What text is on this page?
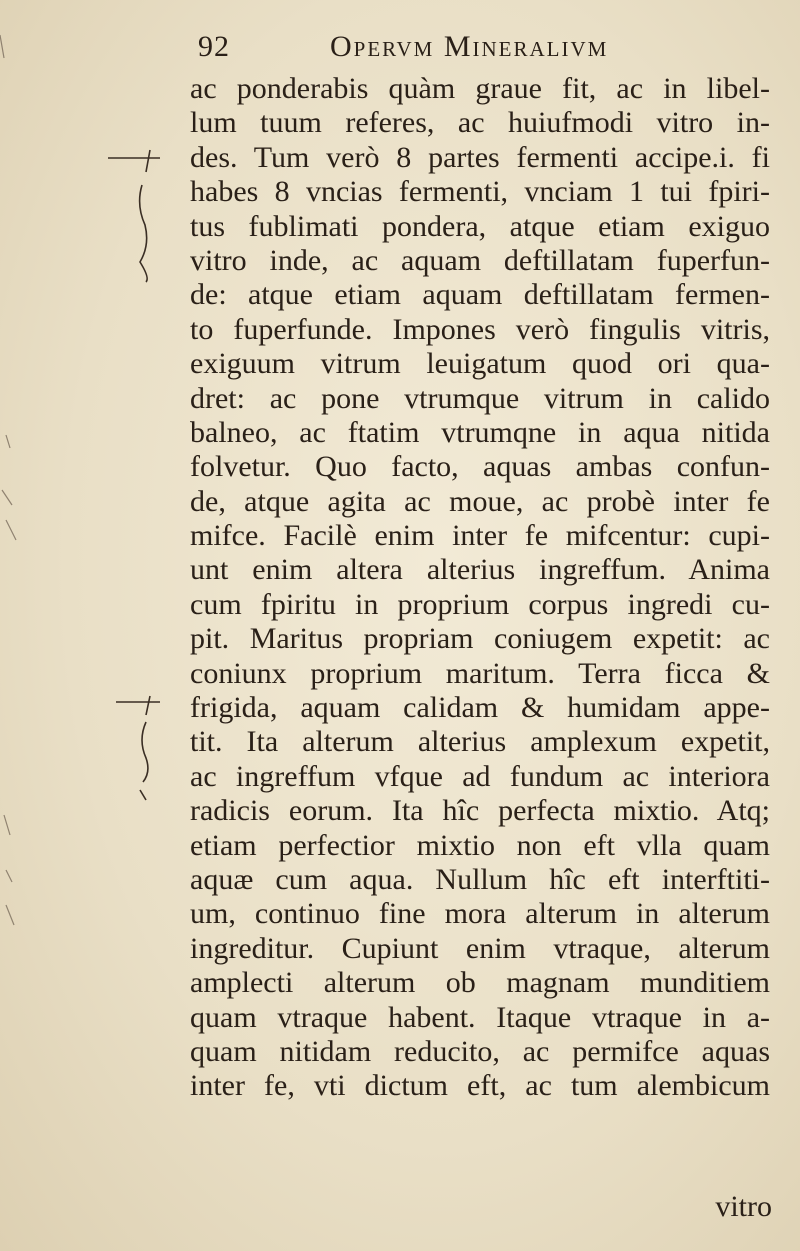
92	Opervm Mineralivm
ac ponderabis quàm graue fit, ac in libel-
lum tuum referes, ac huiufmodi vitro in-
des. Tum verò 8 partes fermenti accipe.i. fi
habes 8 vncias fermenti, vnciam 1 tui fpiri-
tus fublimati pondera, atque etiam exiguo
vitro inde, ac aquam deftillatam fuperfun-
de: atque etiam aquam deftillatam fermen-
to fuperfunde. Impones verò fingulis vitris,
exiguum vitrum leuigatum quod ori qua-
dret: ac pone vtrumque vitrum in calido
balneo, ac ftatim vtrumqne in aqua nitida
folvetur. Quo facto, aquas ambas confun-
de, atque agita ac moue, ac probè inter fe
mifce. Facilè enim inter fe mifcentur: cupi-
unt enim altera alterius ingreffum. Anima
cum fpiritu in proprium corpus ingredi cu-
pit. Maritus propriam coniugem expetit: ac
coniunx proprium maritum. Terra ficca &
frigida, aquam calidam & humidam appe-
tit. Ita alterum alterius amplexum expetit,
ac ingreffum vfque ad fundum ac interiora
radicis eorum. Ita hîc perfecta mixtio. Atq;
etiam perfectior mixtio non eft vlla quam
aquæ cum aqua. Nullum hîc eft interftiti-
um, continuo fine mora alterum in alterum
ingreditur. Cupiunt enim vtraque, alterum
amplecti alterum ob magnam munditiem
quam vtraque habent. Itaque vtraque in a-
quam nitidam reducito, ac permifce aquas
inter fe, vti dictum eft, ac tum alembicum
vitro
